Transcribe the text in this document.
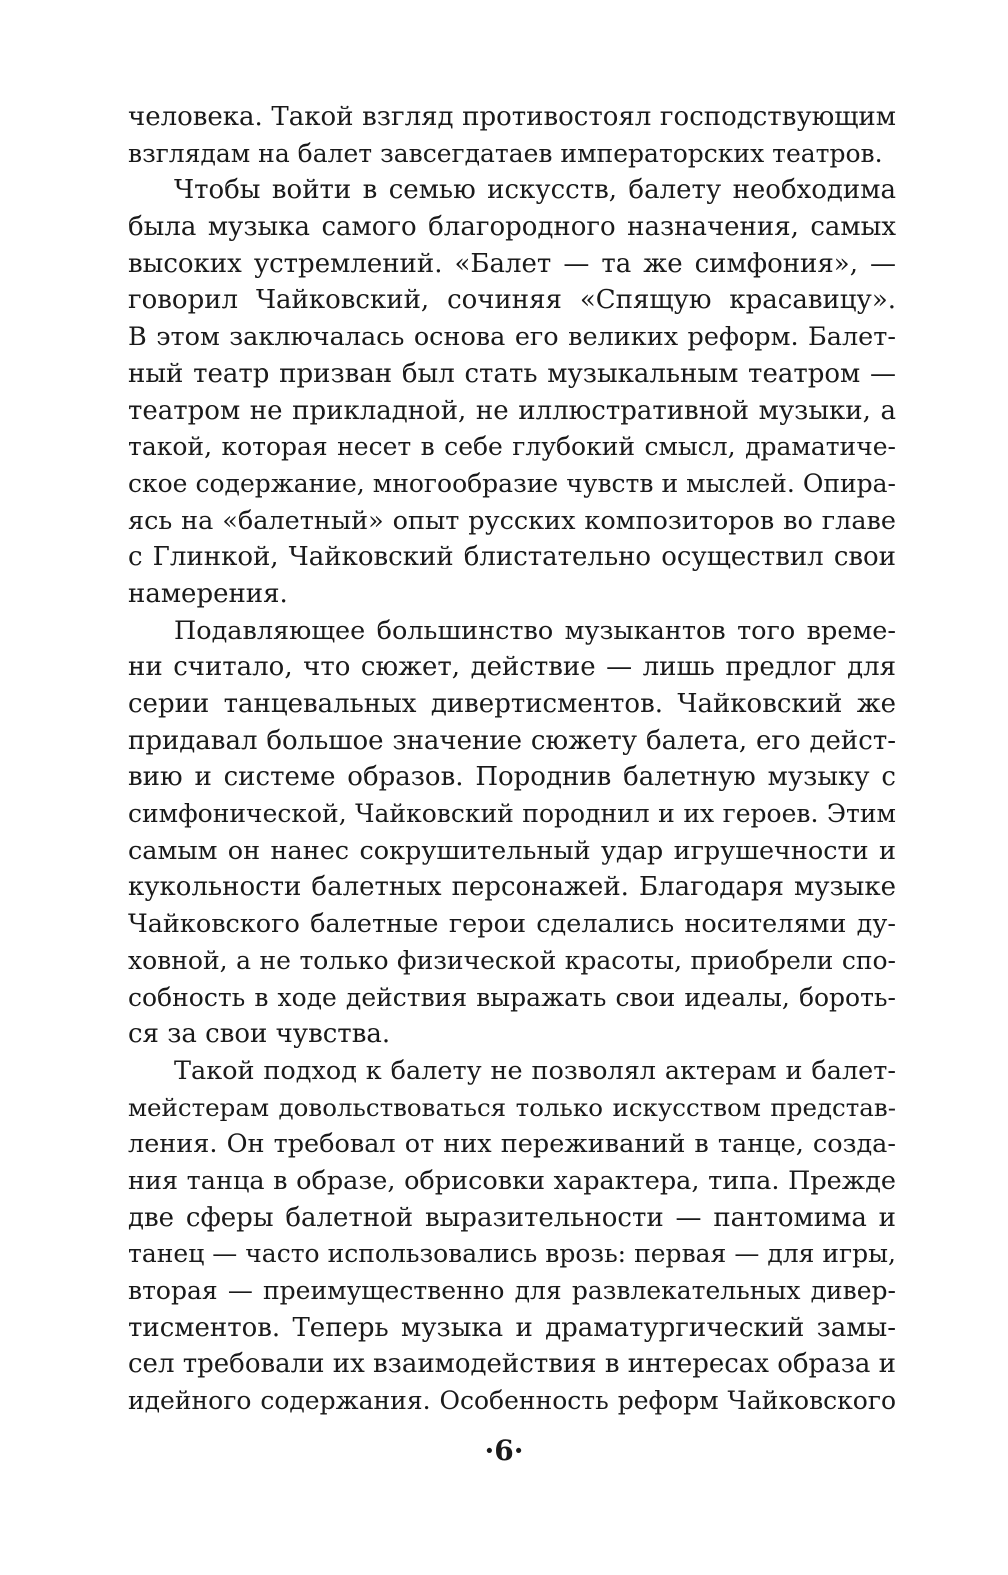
человека. Такой взгляд противостоял господствующим
взглядам на балет завсегдатаев императорских театров.
Чтобы войти в семью искусств, балету необходима
была музыка самого благородного назначения, самых
высоких устремлений. «Балет — та же симфония», —
говорил Чайковский, сочиняя «Спящую красавицу».
В этом заключалась основа его великих реформ. Балет-
ный театр призван был стать музыкальным театром —
театром не прикладной, не иллюстративной музыки, а
такой, которая несет в себе глубокий смысл, драматиче-
ское содержание, многообразие чувств и мыслей. Опира-
ясь на «балетный» опыт русских композиторов во главе
с Глинкой, Чайковский блистательно осуществил свои
намерения.
Подавляющее большинство музыкантов того време-
ни считало, что сюжет, действие — лишь предлог для
серии танцевальных дивертисментов. Чайковский же
придавал большое значение сюжету балета, его дейст-
вию и системе образов. Породнив балетную музыку с
симфонической, Чайковский породнил и их героев. Этим
самым он нанес сокрушительный удар игрушечности и
кукольности балетных персонажей. Благодаря музыке
Чайковского балетные герои сделались носителями ду-
ховной, а не только физической красоты, приобрели спо-
собность в ходе действия выражать свои идеалы, бороть-
ся за свои чувства.
Такой подход к балету не позволял актерам и балет-
мейстерам довольствоваться только искусством представ-
ления. Он требовал от них переживаний в танце, созда-
ния танца в образе, обрисовки характера, типа. Прежде
две сферы балетной выразительности — пантомима и
танец — часто использовались врозь: первая — для игры,
вторая — преимущественно для развлекательных дивер-
тисментов. Теперь музыка и драматургический замы-
сел требовали их взаимодействия в интересах образа и
идейного содержания. Особенность реформ Чайковского
·6·
